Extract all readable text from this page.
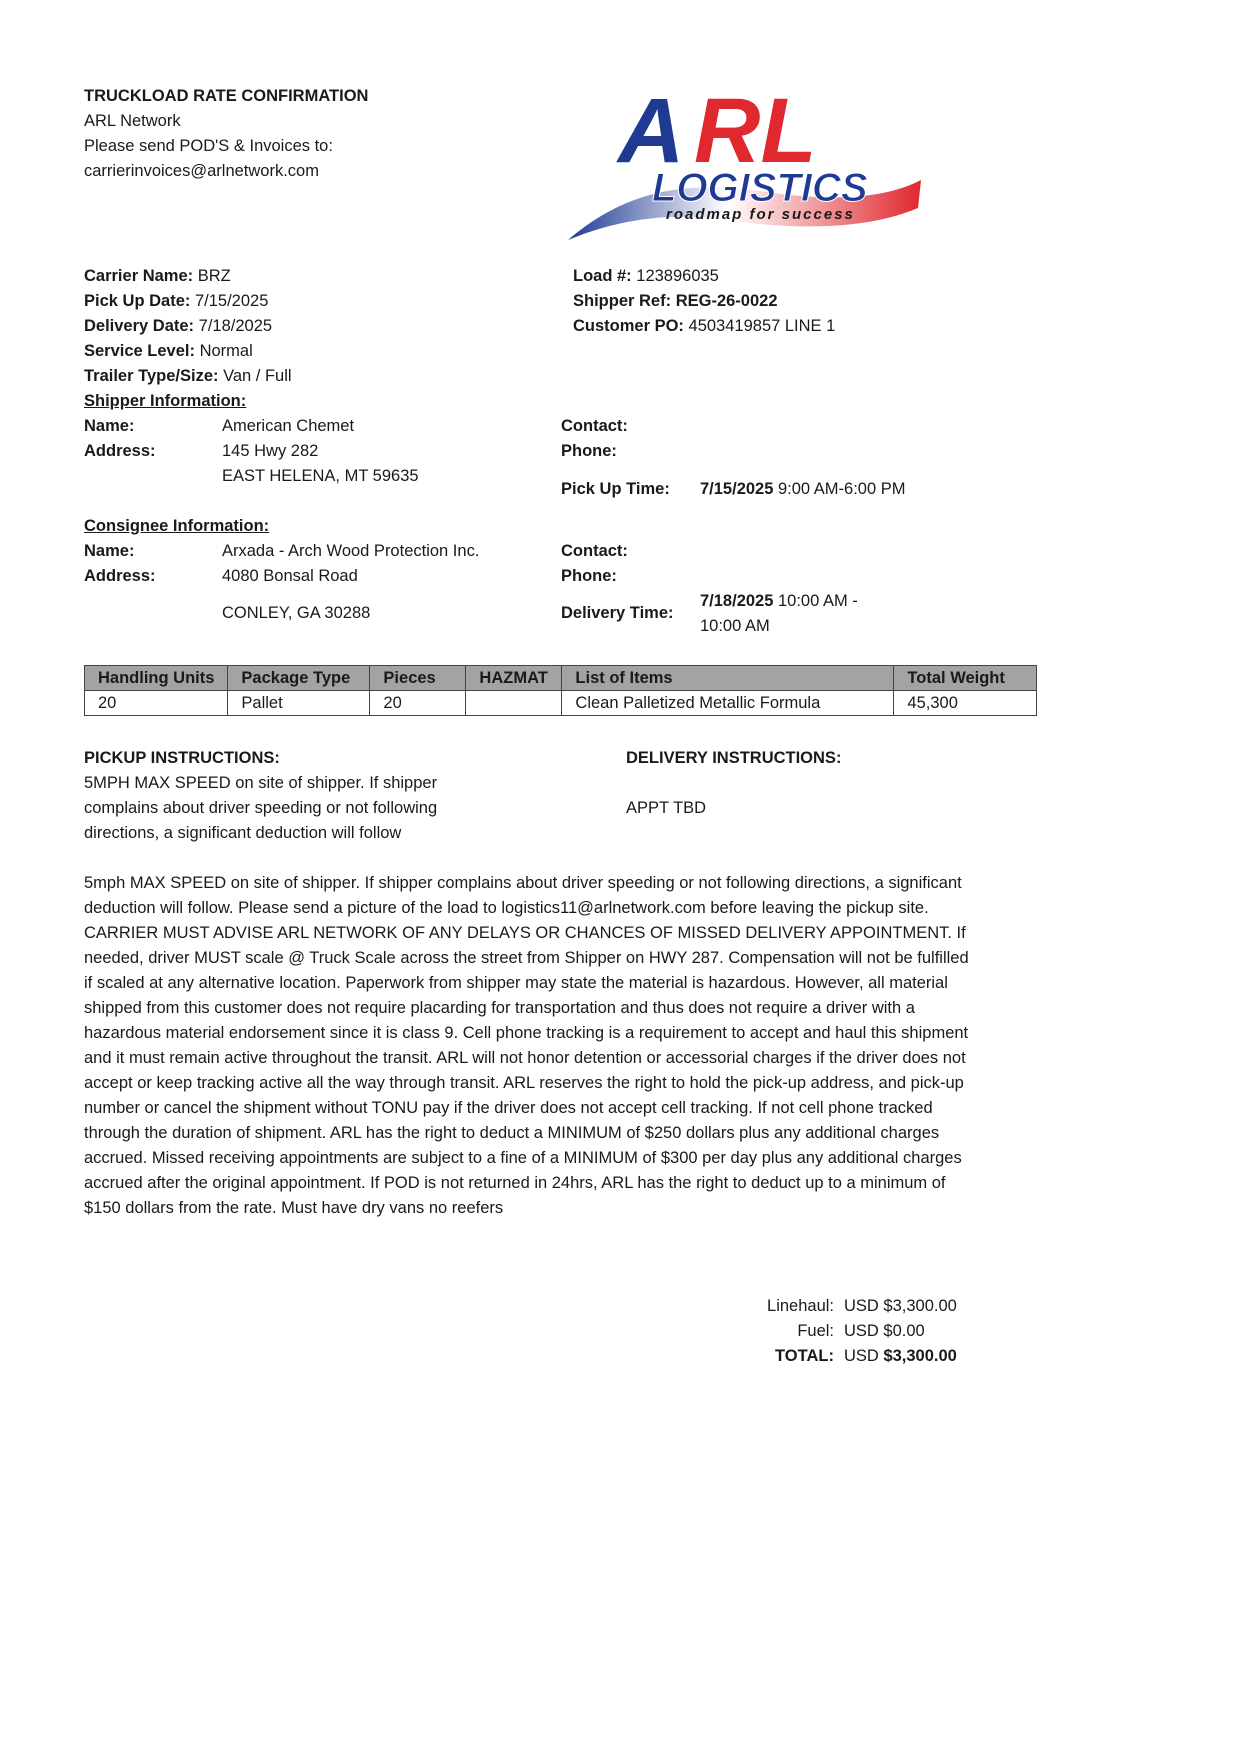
TRUCKLOAD RATE CONFIRMATION
ARL Network
Please send POD'S & Invoices to:
carrierinvoices@arlnetwork.com	A RL
LOGISTICS
roadmap for success
Carrier Name: BRZ
Pick Up Date: 7/15/2025
Delivery Date: 7/18/2025
Service Level: Normal
Trailer Type/Size: Van / Full
Load #: 123896035
Shipper Ref: REG-26-0022
Customer PO: 4503419857 LINE 1
Shipper Information:
Name:	American Chemet
Address:	145 Hwy 282
EAST HELENA, MT 59635
Contact:
Phone:
Pick Up Time: 7/15/2025 9:00 AM-6:00 PM
Consignee Information:
Name:	Arxada - Arch Wood Protection Inc.
Address:	4080 Bonsal Road
CONLEY, GA 30288
Contact:
Phone:
Delivery Time:
7/18/2025 10:00 AM -
10:00 AM
Handling Units	Package Type	Pieces	HAZMAT	List of Items	Total Weight
20	Pallet	20		Clean Palletized Metallic Formula	45,300
PICKUP INSTRUCTIONS:
5MPH MAX SPEED on site of shipper. If shipper
complains about driver speeding or not following
directions, a significant deduction will follow
DELIVERY INSTRUCTIONS:
APPT TBD
5mph MAX SPEED on site of shipper. If shipper complains about driver speeding or not following directions, a significant
deduction will follow. Please send a picture of the load to logistics11@arlnetwork.com before leaving the pickup site.
CARRIER MUST ADVISE ARL NETWORK OF ANY DELAYS OR CHANCES OF MISSED DELIVERY APPOINTMENT. If
needed, driver MUST scale @ Truck Scale across the street from Shipper on HWY 287. Compensation will not be fulfilled
if scaled at any alternative location. Paperwork from shipper may state the material is hazardous. However, all material
shipped from this customer does not require placarding for transportation and thus does not require a driver with a
hazardous material endorsement since it is class 9. Cell phone tracking is a requirement to accept and haul this shipment
and it must remain active throughout the transit. ARL will not honor detention or accessorial charges if the driver does not
accept or keep tracking active all the way through transit. ARL reserves the right to hold the pick-up address, and pick-up
number or cancel the shipment without TONU pay if the driver does not accept cell tracking. If not cell phone tracked
through the duration of shipment. ARL has the right to deduct a MINIMUM of $250 dollars plus any additional charges
accrued. Missed receiving appointments are subject to a fine of a MINIMUM of $300 per day plus any additional charges
accrued after the original appointment. If POD is not returned in 24hrs, ARL has the right to deduct up to a minimum of
$150 dollars from the rate. Must have dry vans no reefers
Linehaul: USD $3,300.00
Fuel: USD $0.00
TOTAL: USD $3,300.00
